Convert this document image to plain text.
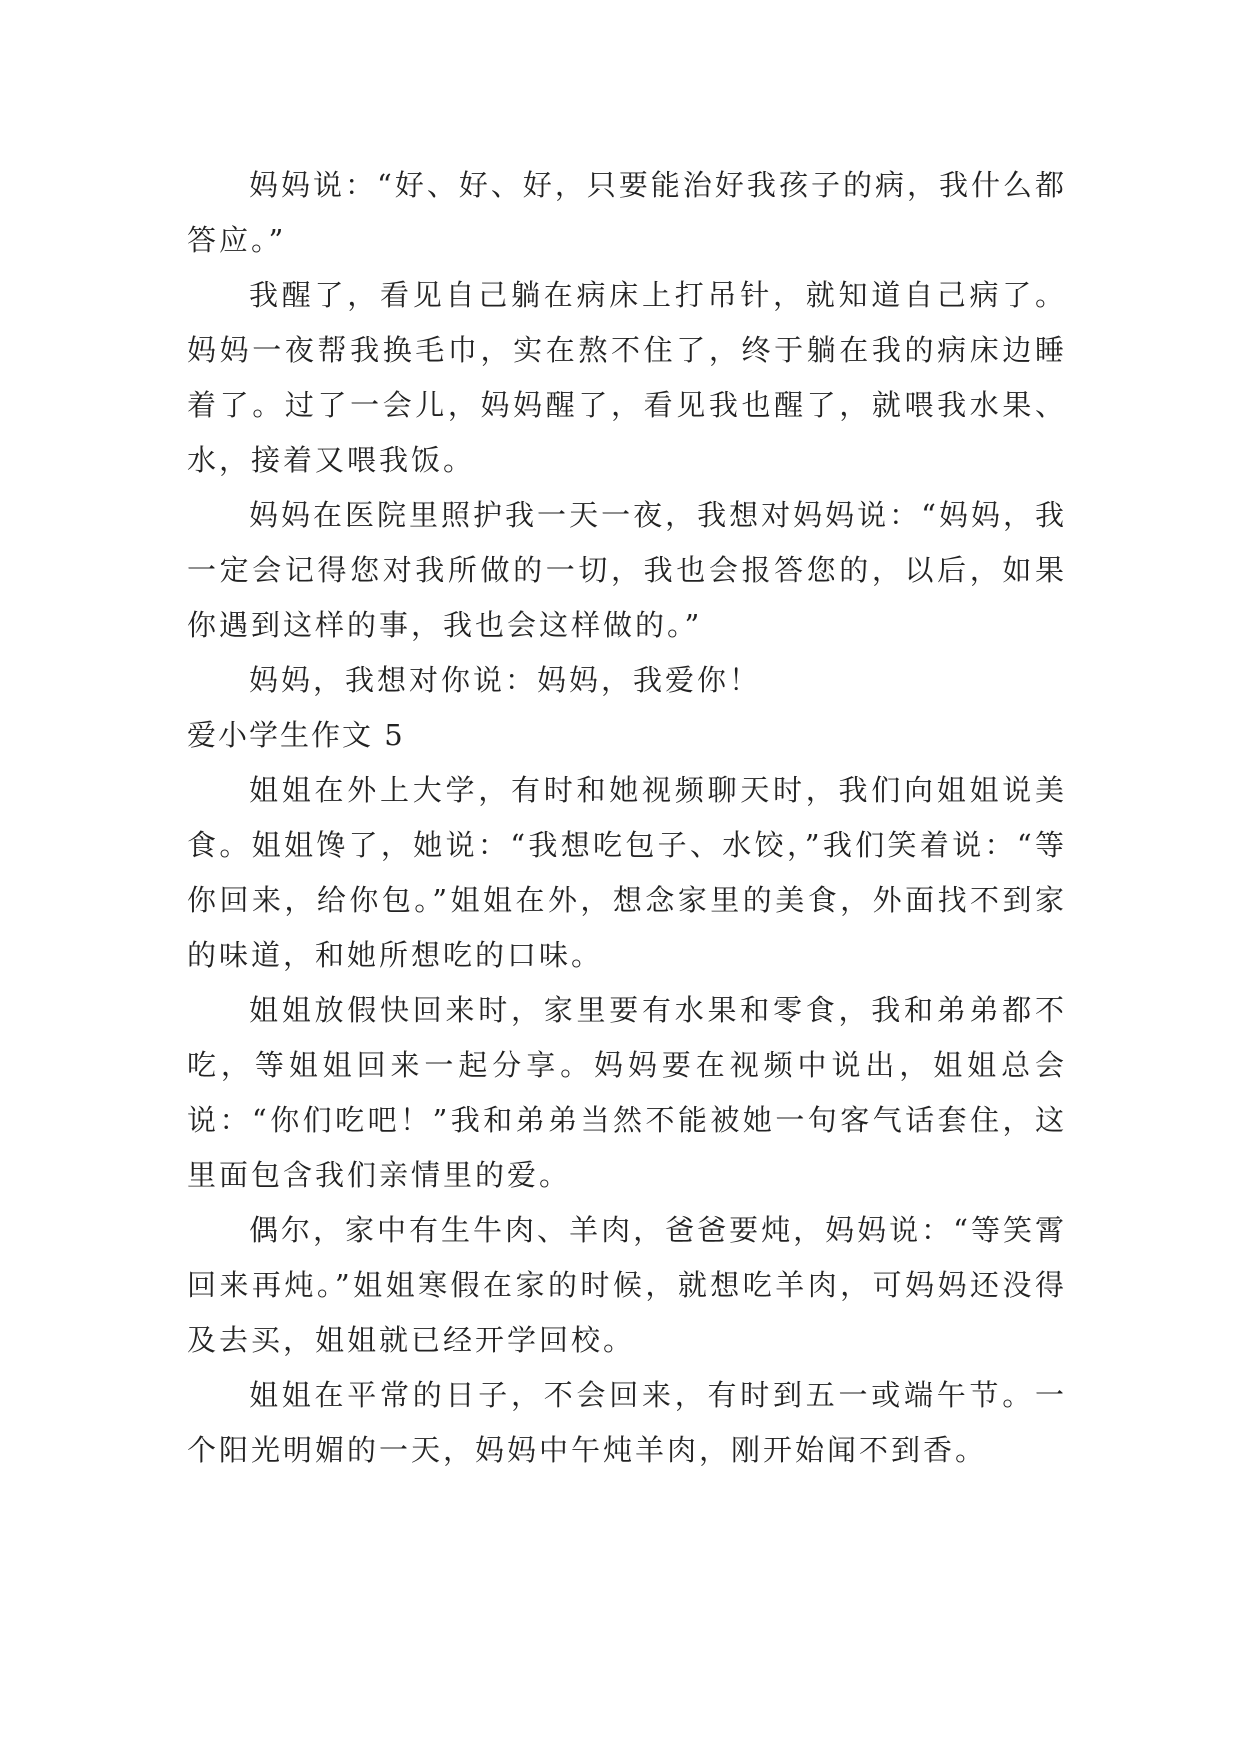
妈妈说：“好、好、好，只要能治好我孩子的病，我什么都答应。”

我醒了，看见自己躺在病床上打吊针，就知道自己病了。妈妈一夜帮我换毛巾，实在熬不住了，终于躺在我的病床边睡着了。过了一会儿，妈妈醒了，看见我也醒了，就喂我水果、水，接着又喂我饭。

妈妈在医院里照护我一天一夜，我想对妈妈说：“妈妈，我一定会记得您对我所做的一切，我也会报答您的，以后，如果你遇到这样的事，我也会这样做的。”

妈妈，我想对你说：妈妈，我爱你！

爱小学生作文 5

姐姐在外上大学，有时和她视频聊天时，我们向姐姐说美食。姐姐馋了，她说：“我想吃包子、水饺，”我们笑着说：“等你回来，给你包。”姐姐在外，想念家里的美食，外面找不到家的味道，和她所想吃的口味。

姐姐放假快回来时，家里要有水果和零食，我和弟弟都不吃，等姐姐回来一起分享。妈妈要在视频中说出，姐姐总会说：“你们吃吧！”我和弟弟当然不能被她一句客气话套住，这里面包含我们亲情里的爱。

偶尔，家中有生牛肉、羊肉，爸爸要炖，妈妈说：“等笑霄回来再炖。”姐姐寒假在家的时候，就想吃羊肉，可妈妈还没得及去买，姐姐就已经开学回校。

姐姐在平常的日子，不会回来，有时到五一或端午节。一个阳光明媚的一天，妈妈中午炖羊肉，刚开始闻不到香。
